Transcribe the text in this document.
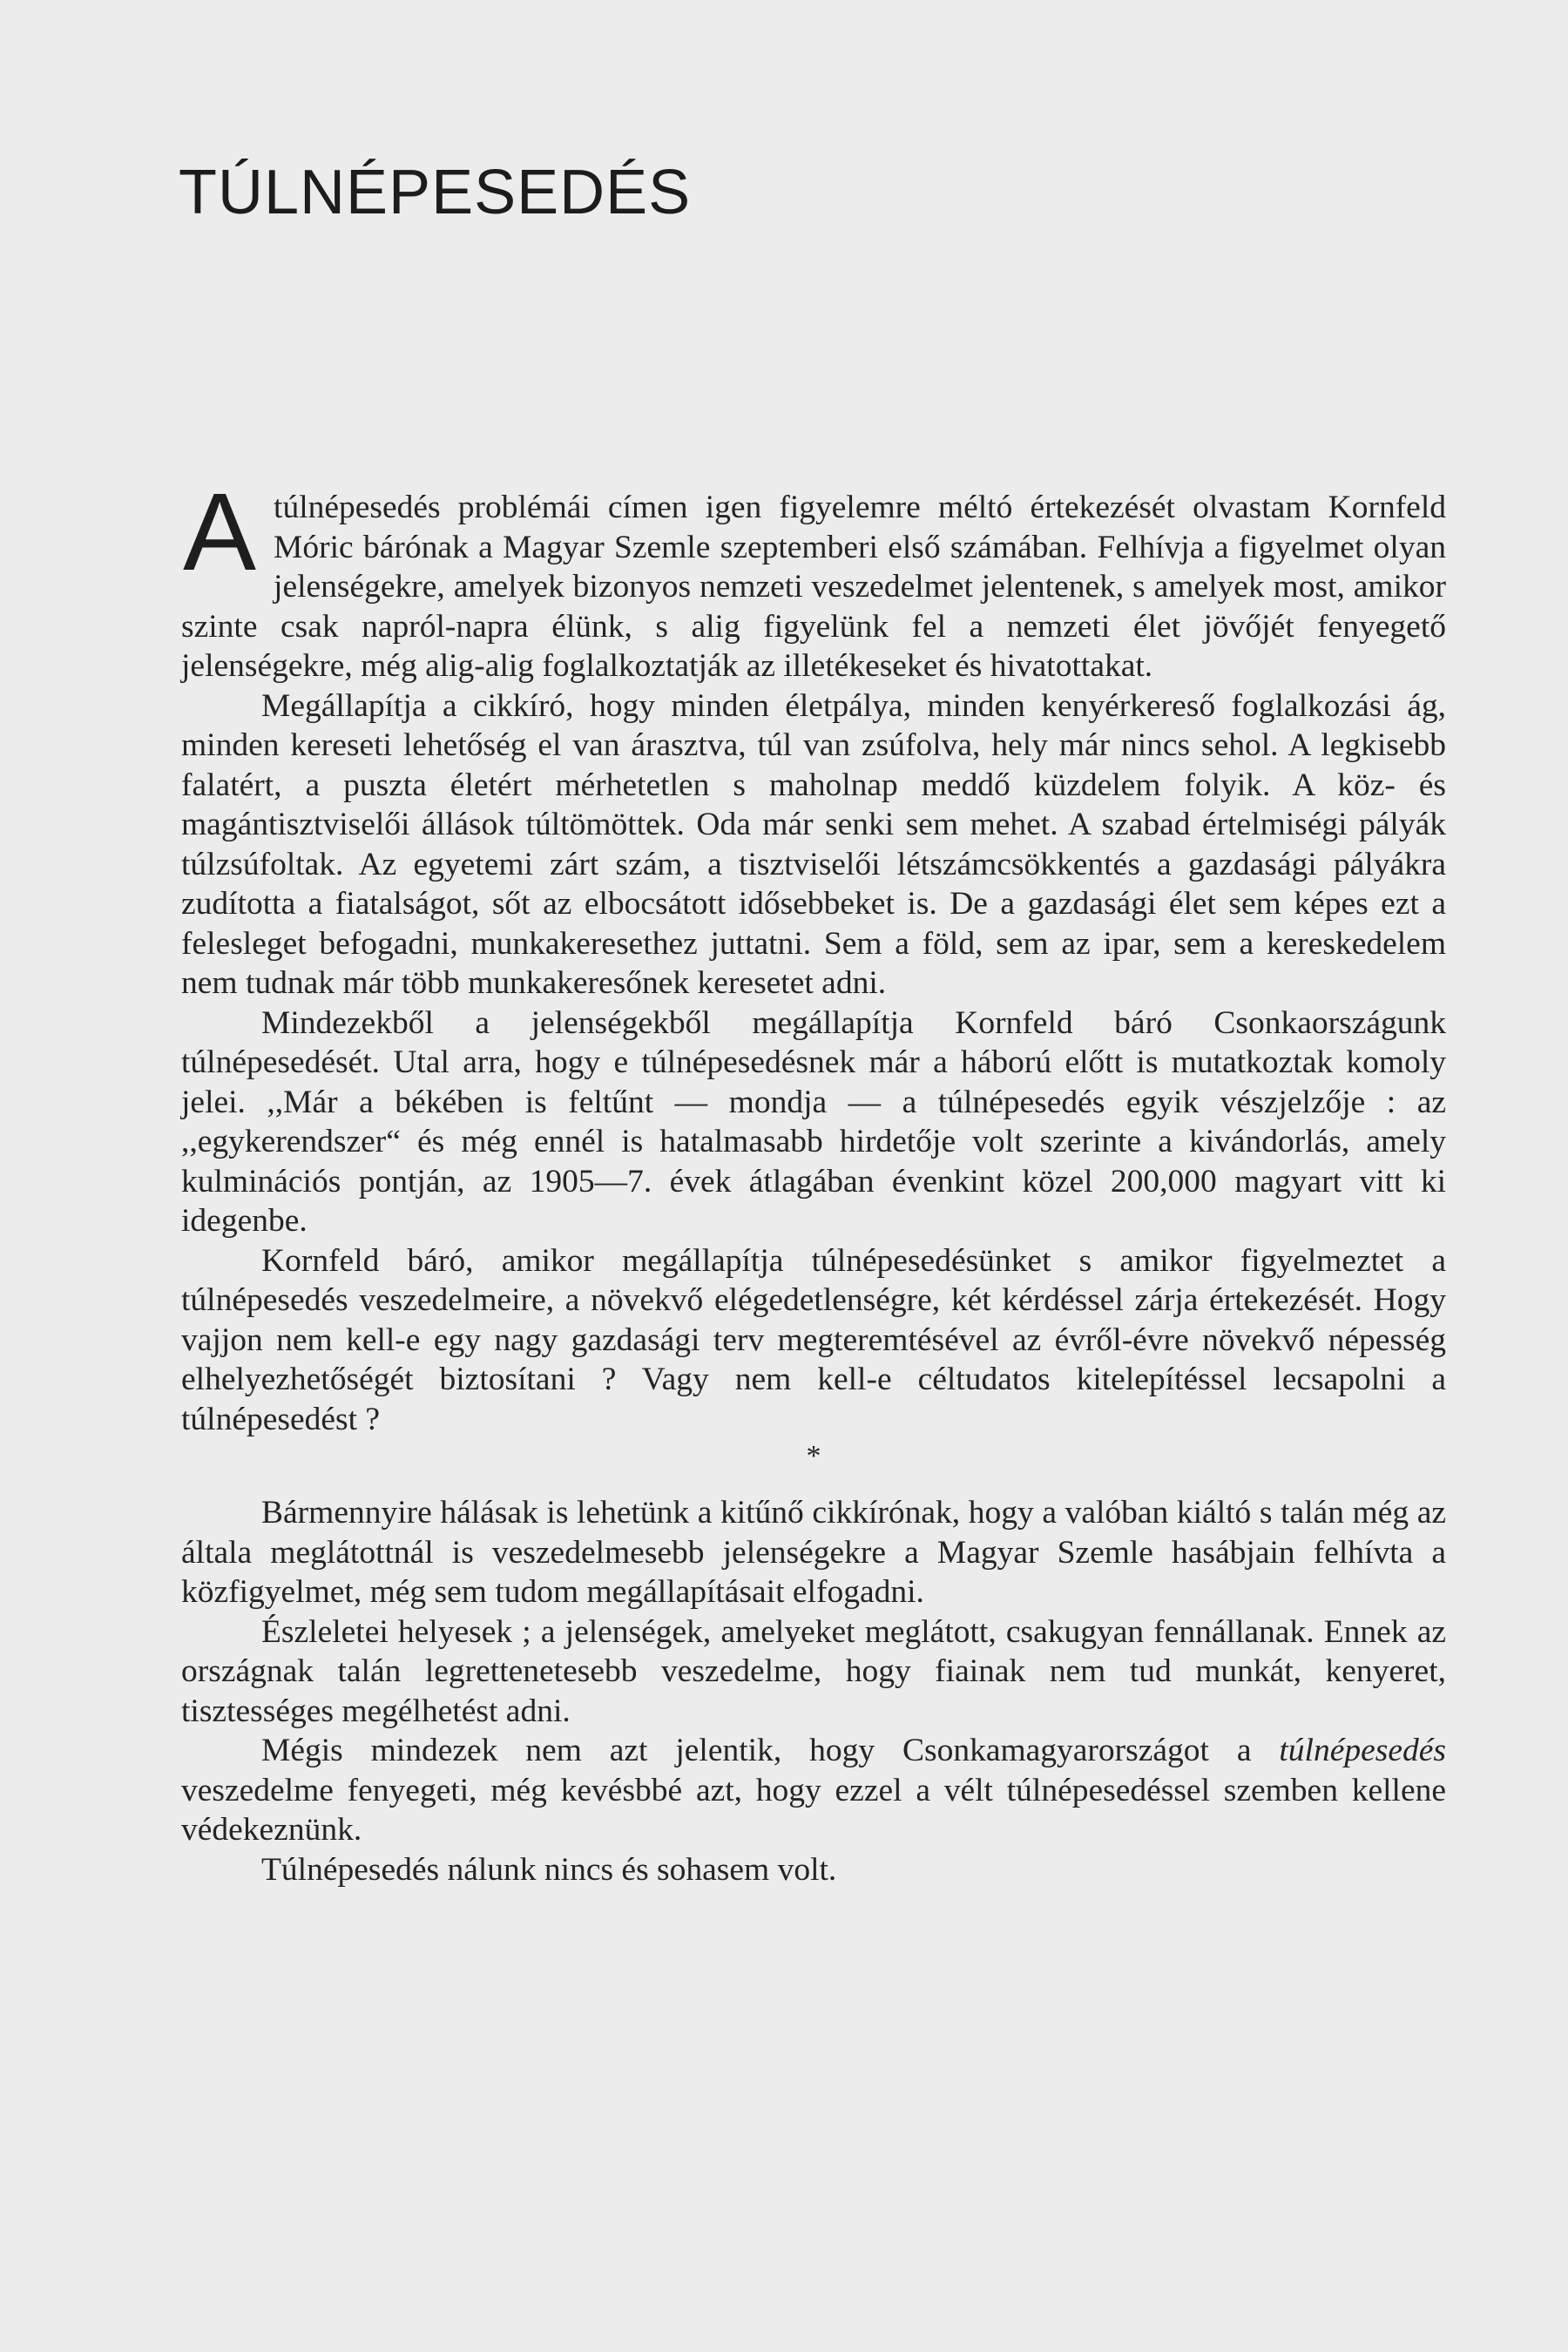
TÚLNÉPESEDÉS

Atúlnépesedés problémái címen igen figyelemre méltó értekezését olvastam Kornfeld Móric bárónak a Magyar Szemle szeptemberi első számában. Felhívja a figyelmet olyan jelenségekre, amelyek bizonyos nemzeti veszedelmet jelentenek, s amelyek most, amikor szinte csak napról-napra élünk, s alig figyelünk fel a nemzeti élet jövőjét fenyegető jelenségekre, még alig-alig foglalkoztatják az illetékeseket és hivatottakat.

Megállapítja a cikkíró, hogy minden életpálya, minden kenyérkereső foglalkozási ág, minden kereseti lehetőség el van árasztva, túl van zsúfolva, hely már nincs sehol. A legkisebb falatért, a puszta életért mérhetetlen s maholnap meddő küzdelem folyik. A köz- és magántisztviselői állások túltömöttek. Oda már senki sem mehet. A szabad értelmiségi pályák túlzsúfoltak. Az egyetemi zárt szám, a tisztviselői létszámcsökkentés a gazdasági pályákra zudította a fiatalságot, sőt az elbocsátott idősebbeket is. De a gazdasági élet sem képes ezt a felesleget befogadni, munkakeresethez juttatni. Sem a föld, sem az ipar, sem a kereskedelem nem tudnak már több munkakeresőnek keresetet adni.

Mindezekből a jelenségekből megállapítja Kornfeld báró Csonkaországunk túlnépesedését. Utal arra, hogy e túlnépesedésnek már a háború előtt is mutatkoztak komoly jelei. ,,Már a békében is feltűnt — mondja — a túlnépesedés egyik vészjelzője : az ,,egykerendszer“ és még ennél is hatalmasabb hirdetője volt szerinte a kivándorlás, amely kulminációs pontján, az 1905—7. évek átlagában évenkint közel 200,000 magyart vitt ki idegenbe.

Kornfeld báró, amikor megállapítja túlnépesedésünket s amikor figyelmeztet a túlnépesedés veszedelmeire, a növekvő elégedetlenségre, két kérdéssel zárja értekezését. Hogy vajjon nem kell-e egy nagy gazdasági terv megteremtésével az évről-évre növekvő népesség elhelyezhetőségét biztosítani ? Vagy nem kell-e céltudatos kitelepítéssel lecsapolni a túlnépesedést ?

*

Bármennyire hálásak is lehetünk a kitűnő cikkírónak, hogy a valóban kiáltó s talán még az általa meglátottnál is veszedelmesebb jelenségekre a Magyar Szemle hasábjain felhívta a közfigyelmet, még sem tudom megállapításait elfogadni.

Észleletei helyesek ; a jelenségek, amelyeket meglátott, csakugyan fennállanak. Ennek az országnak talán legrettenetesebb veszedelme, hogy fiainak nem tud munkát, kenyeret, tisztességes megélhetést adni.

Mégis mindezek nem azt jelentik, hogy Csonkamagyarországot a túlnépesedés veszedelme fenyegeti, még kevésbbé azt, hogy ezzel a vélt túlnépesedéssel szemben kellene védekeznünk.

Túlnépesedés nálunk nincs és sohasem volt.
